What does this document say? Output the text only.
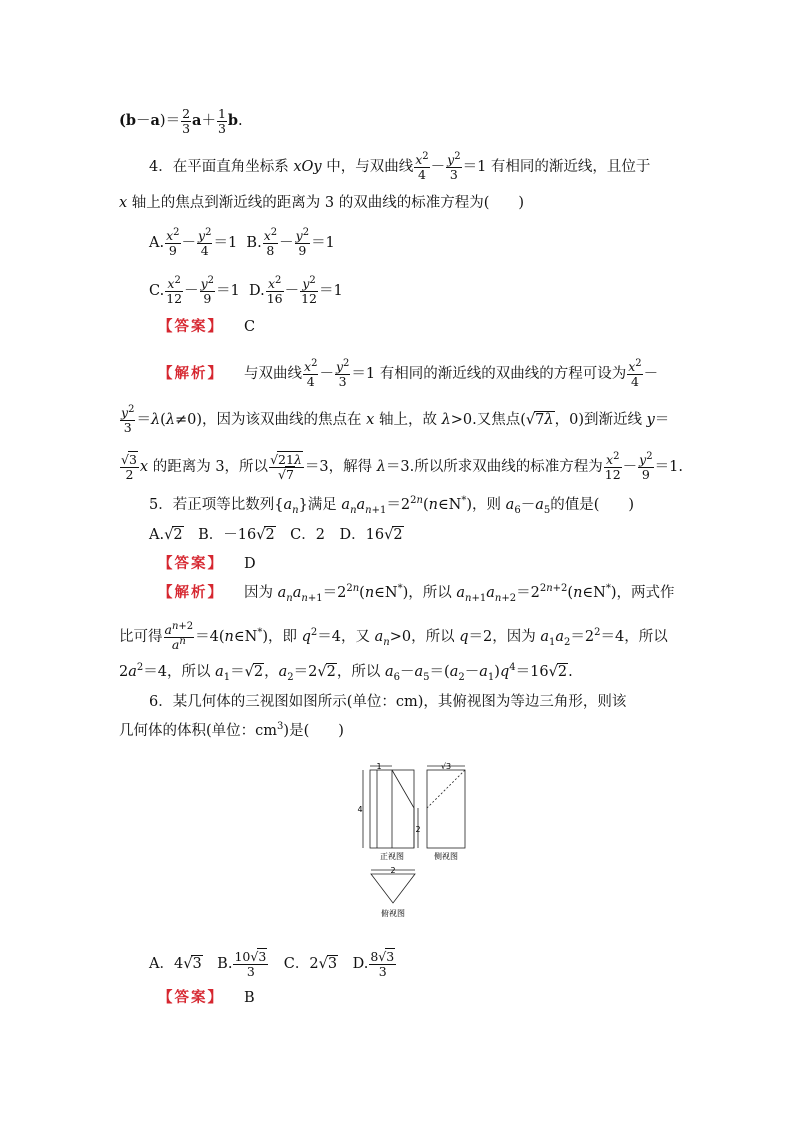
$(b-a)= \frac{2}{3} a+ \frac{1}{3} b$.
4．在平面直角坐标系 xOy 中，与双曲线 $\frac{x^2}{4} - \frac{y^2}{3} =1$ 有相同的渐近线，且位于
x 轴上的焦点到渐近线的距离为 3 的双曲线的标准方程为(　　)
A. $\frac{x^2}{9} - \frac{y^2}{4} =1$  B. $\frac{x^2}{8} - \frac{y^2}{9} =1$
C. $\frac{x^2}{12} - \frac{y^2}{9} =1$  D. $\frac{x^2}{16} - \frac{y^2}{12} =1$
【答案】 C
【解析】 与双曲线 $\frac{x^2}{4} - \frac{y^2}{3} =1$ 有相同的渐近线的双曲线的方程可设为 $\frac{x^2}{4}$ －
$\frac{y^2}{3} =\lambda(\lambda\ne 0)$，因为该双曲线的焦点在 x 轴上，故 λ>0.又焦点(√7λ，0)到渐近线 y＝
$\frac{√3}{2}$ x 的距离为 3，所以 $\frac{√21\lambda}{√7} =3$，解得 λ＝3.所以所求双曲线的标准方程为 $\frac{x^2}{12} - \frac{y^2}{9} =1$.
5．若正项等比数列$\{a_n\}$满足 $a_na_{n+1}=2^{2n}(n\in N^*)$，则 $a_6-a_5$的值是(　　)
A.√2　B．－16√2　C．2　D．16√2
【答案】 D
【解析】 因为 $a_na_{n+1}=2^{2n}(n\in N^*)$，所以 $a_{n+1}a_{n+2}=2^{2n+2}(n\in N^*)$，两式作
比可得 $\frac{a^{n+2}}{a^n}$ ＝4(n∈N*)，即 $q^2=4$，又 $a_n>0$，所以 q＝2，因为 $a_1a_2=2^2=4$，所以
$2a^2=4$，所以 $a_1=√2$，$a_2=2√2$，所以 $a_6-a_5=(a_2-a_1)q^4=16√2$.
6．某几何体的三视图如图所示(单位：cm)，其俯视图为等边三角形，则该
几何体的体积(单位：$cm^3$)是(　　)
1
4
2
√3
2
正视图	侧视图
俯视图
A．4√3　B. $\frac{10√3}{3}$ 　C．2√3　D. $\frac{8√3}{3}$
【答案】 B
